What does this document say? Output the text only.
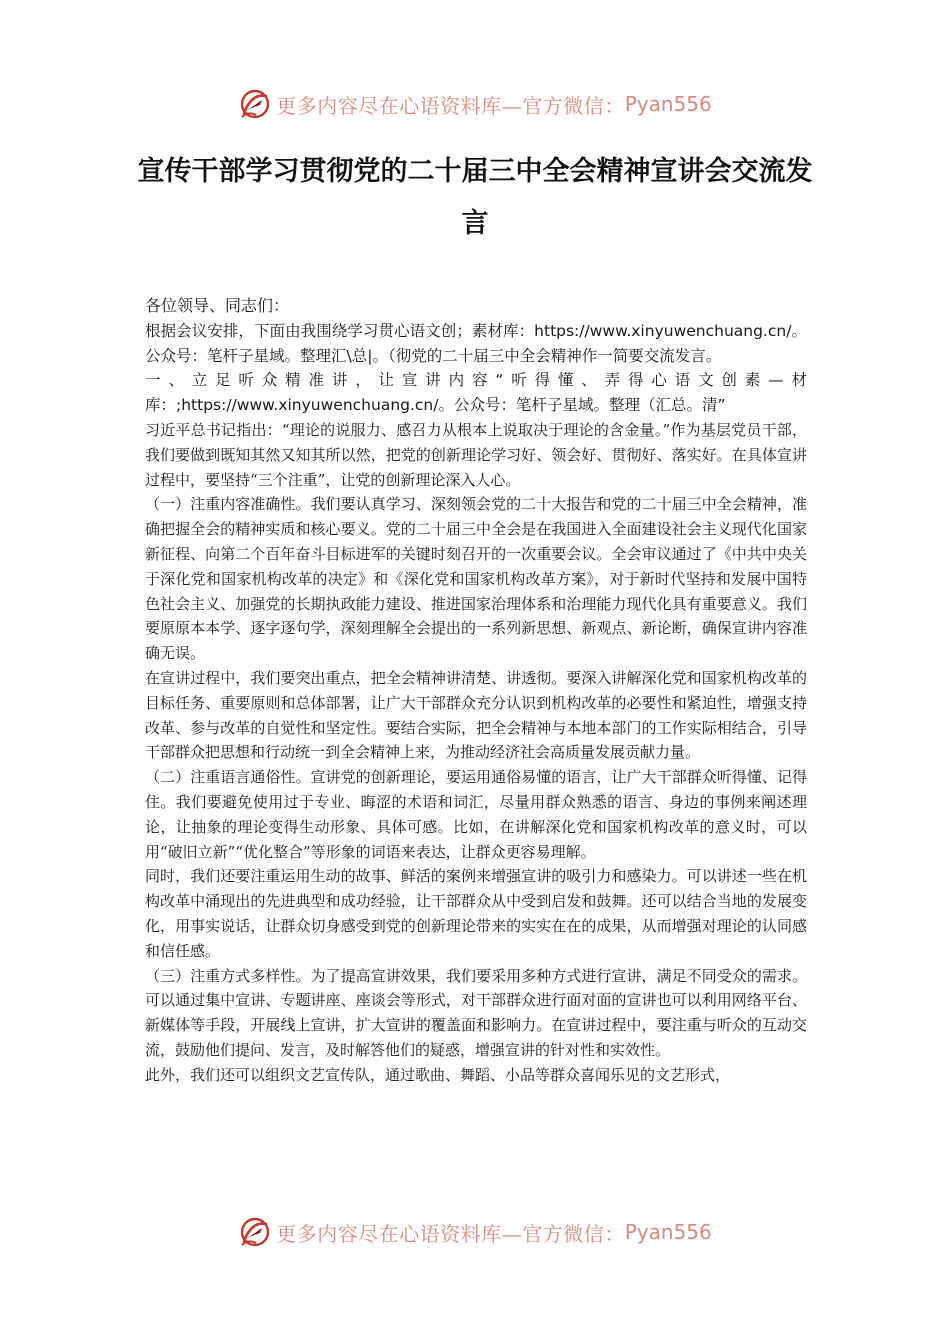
更多内容尽在心语资料库—官方微信： Pyan556
宣传干部学习贯彻党的二十届三中全会精神宣讲会交流发言

各位领导、同志们：

根据会议安排，下面由我围绕学习贯心语文创；素材库：https://www.xinyuwenchuang.cn/。公众号：笔杆子星域。整理汇\总|。（彻党的二十届三中全会精神作一简要交流发言。

一、立足听众精准讲，让宣讲内容“听得懂、弄得心语文创素—材库：;https://www.xinyuwenchuang.cn/。公众号：笔杆子星域。整理（汇总。清”

习近平总书记指出：“理论的说服力、感召力从根本上说取决于理论的含金量。”作为基层党员干部，我们要做到既知其然又知其所以然，把党的创新理论学习好、领会好、贯彻好、落实好。在具体宣讲过程中，要坚持“三个注重”，让党的创新理论深入人心。

（一）注重内容准确性。我们要认真学习、深刻领会党的二十大报告和党的二十届三中全会精神，准确把握全会的精神实质和核心要义。党的二十届三中全会是在我国进入全面建设社会主义现代化国家新征程、向第二个百年奋斗目标进军的关键时刻召开的一次重要会议。全会审议通过了《中共中央关于深化党和国家机构改革的决定》和《深化党和国家机构改革方案》，对于新时代坚持和发展中国特色社会主义、加强党的长期执政能力建设、推进国家治理体系和治理能力现代化具有重要意义。我们要原原本本学、逐字逐句学，深刻理解全会提出的一系列新思想、新观点、新论断，确保宣讲内容准确无误。

在宣讲过程中，我们要突出重点，把全会精神讲清楚、讲透彻。要深入讲解深化党和国家机构改革的目标任务、重要原则和总体部署，让广大干部群众充分认识到机构改革的必要性和紧迫性，增强支持改革、参与改革的自觉性和坚定性。要结合实际，把全会精神与本地本部门的工作实际相结合，引导干部群众把思想和行动统一到全会精神上来，为推动经济社会高质量发展贡献力量。

（二）注重语言通俗性。宣讲党的创新理论，要运用通俗易懂的语言，让广大干部群众听得懂、记得住。我们要避免使用过于专业、晦涩的术语和词汇，尽量用群众熟悉的语言、身边的事例来阐述理论，让抽象的理论变得生动形象、具体可感。比如，在讲解深化党和国家机构改革的意义时，可以用“破旧立新”“优化整合”等形象的词语来表达，让群众更容易理解。

同时，我们还要注重运用生动的故事、鲜活的案例来增强宣讲的吸引力和感染力。可以讲述一些在机构改革中涌现出的先进典型和成功经验，让干部群众从中受到启发和鼓舞。还可以结合当地的发展变化，用事实说话，让群众切身感受到党的创新理论带来的实实在在的成果，从而增强对理论的认同感和信任感。

（三）注重方式多样性。为了提高宣讲效果，我们要采用多种方式进行宣讲，满足不同受众的需求。可以通过集中宣讲、专题讲座、座谈会等形式，对干部群众进行面对面的宣讲也可以利用网络平台、新媒体等手段，开展线上宣讲，扩大宣讲的覆盖面和影响力。在宣讲过程中，要注重与听众的互动交流，鼓励他们提问、发言，及时解答他们的疑惑，增强宣讲的针对性和实效性。

此外，我们还可以组织文艺宣传队，通过歌曲、舞蹈、小品等群众喜闻乐见的文艺形式，

更多内容尽在心语资料库—官方微信： Pyan556
